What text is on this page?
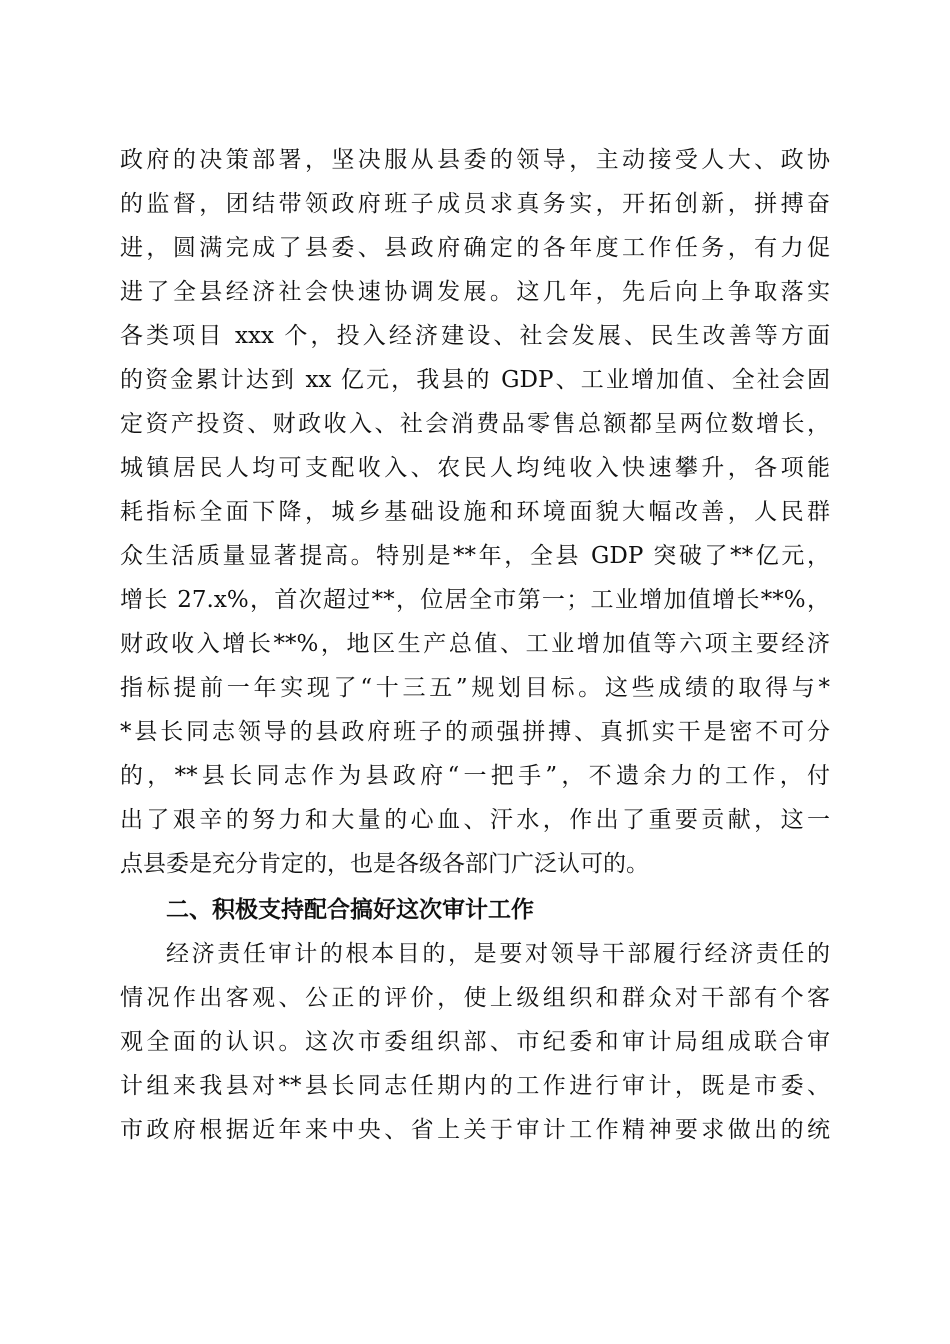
政府的决策部署，坚决服从县委的领导，主动接受人大、政协
的监督，团结带领政府班子成员求真务实，开拓创新，拼搏奋
进，圆满完成了县委、县政府确定的各年度工作任务，有力促
进了全县经济社会快速协调发展。这几年，先后向上争取落实
各类项目 xxx 个，投入经济建设、社会发展、民生改善等方面
的资金累计达到 xx 亿元，我县的 GDP、工业增加值、全社会固
定资产投资、财政收入、社会消费品零售总额都呈两位数增长，
城镇居民人均可支配收入、农民人均纯收入快速攀升，各项能
耗指标全面下降，城乡基础设施和环境面貌大幅改善，人民群
众生活质量显著提高。特别是**年，全县 GDP 突破了**亿元，
增长 27.x%，首次超过**，位居全市第一；工业增加值增长**%，
财政收入增长**%，地区生产总值、工业增加值等六项主要经济
指标提前一年实现了“十三五”规划目标。这些成绩的取得与*
*县长同志领导的县政府班子的顽强拼搏、真抓实干是密不可分
的，**县长同志作为县政府“一把手”，不遗余力的工作，付
出了艰辛的努力和大量的心血、汗水，作出了重要贡献，这一
点县委是充分肯定的，也是各级各部门广泛认可的。
二、积极支持配合搞好这次审计工作
经济责任审计的根本目的，是要对领导干部履行经济责任的
情况作出客观、公正的评价，使上级组织和群众对干部有个客
观全面的认识。这次市委组织部、市纪委和审计局组成联合审
计组来我县对**县长同志任期内的工作进行审计，既是市委、
市政府根据近年来中央、省上关于审计工作精神要求做出的统
